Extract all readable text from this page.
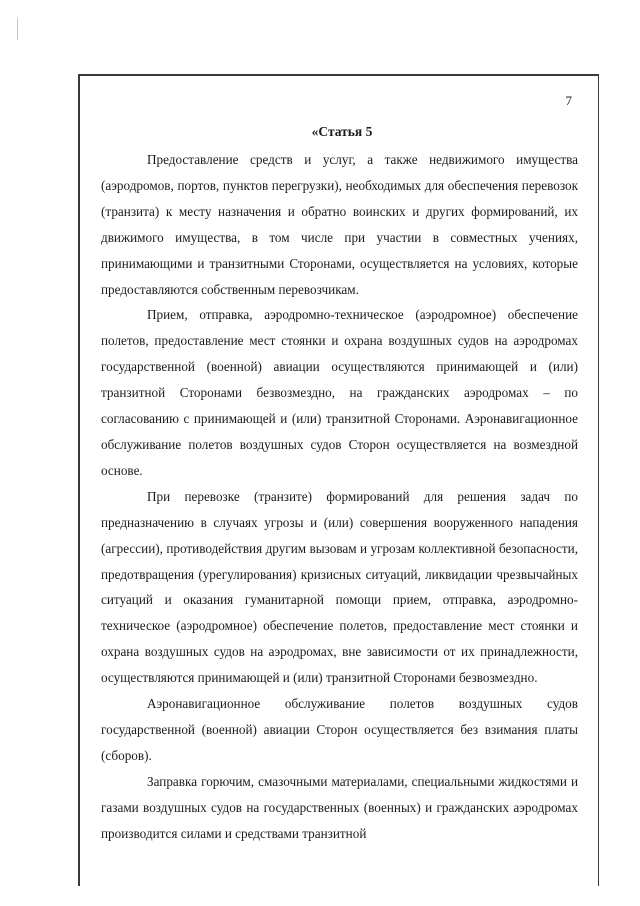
7
«Статья 5

Предоставление средств и услуг, а также недвижимого имущества (аэродромов, портов, пунктов перегрузки), необходимых для обеспечения перевозок (транзита) к месту назначения и обратно воинских и других формирований, их движимого имущества, в том числе при участии в совместных учениях, принимающими и транзитными Сторонами, осуществляется на условиях, которые предоставляются собственным перевозчикам.

Прием, отправка, аэродромно-техническое (аэродромное) обеспечение полетов, предоставление мест стоянки и охрана воздушных судов на аэродромах государственной (военной) авиации осуществляются принимающей и (или) транзитной Сторонами безвозмездно, на гражданских аэродромах – по согласованию с принимающей и (или) транзитной Сторонами. Аэронавигационное обслуживание полетов воздушных судов Сторон осуществляется на возмездной основе.

При перевозке (транзите) формирований для решения задач по предназначению в случаях угрозы и (или) совершения вооруженного нападения (агрессии), противодействия другим вызовам и угрозам коллективной безопасности, предотвращения (урегулирования) кризисных ситуаций, ликвидации чрезвычайных ситуаций и оказания гуманитарной помощи прием, отправка, аэродромно-техническое (аэродромное) обеспечение полетов, предоставление мест стоянки и охрана воздушных судов на аэродромах, вне зависимости от их принадлежности, осуществляются принимающей и (или) транзитной Сторонами безвозмездно.

Аэронавигационное обслуживание полетов воздушных судов государственной (военной) авиации Сторон осуществляется без взимания платы (сборов).

Заправка горючим, смазочными материалами, специальными жидкостями и газами воздушных судов на государственных (военных) и гражданских аэродромах производится силами и средствами транзитной
